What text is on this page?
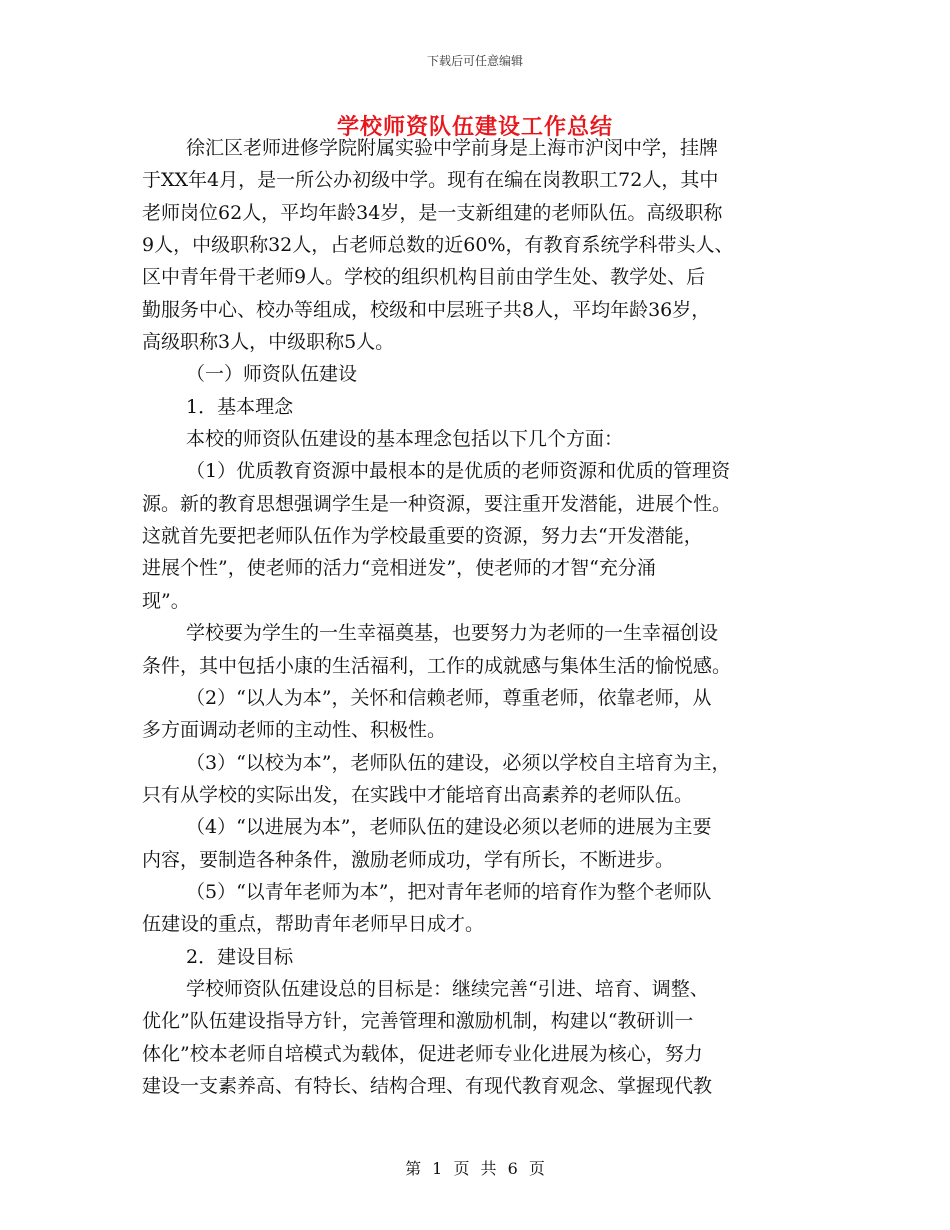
下载后可任意编辑
学校师资队伍建设工作总结
徐汇区老师进修学院附属实验中学前身是上海市沪闵中学，挂牌
于XX年4月，是一所公办初级中学。现有在编在岗教职工72人，其中
老师岗位62人，平均年龄34岁，是一支新组建的老师队伍。高级职称
9人，中级职称32人，占老师总数的近60%，有教育系统学科带头人、
区中青年骨干老师9人。学校的组织机构目前由学生处、教学处、后
勤服务中心、校办等组成，校级和中层班子共8人，平均年龄36岁，
高级职称3人，中级职称5人。
（一）师资队伍建设
1．基本理念
本校的师资队伍建设的基本理念包括以下几个方面：
（1）优质教育资源中最根本的是优质的老师资源和优质的管理资
源。新的教育思想强调学生是一种资源，要注重开发潜能，进展个性。
这就首先要把老师队伍作为学校最重要的资源，努力去“开发潜能，
进展个性”，使老师的活力“竞相迸发”，使老师的才智“充分涌
现”。
学校要为学生的一生幸福奠基，也要努力为老师的一生幸福创设
条件，其中包括小康的生活福利，工作的成就感与集体生活的愉悦感。
（2）“以人为本”，关怀和信赖老师，尊重老师，依靠老师，从
多方面调动老师的主动性、积极性。
（3）“以校为本”，老师队伍的建设，必须以学校自主培育为主，
只有从学校的实际出发，在实践中才能培育出高素养的老师队伍。
（4）“以进展为本”，老师队伍的建设必须以老师的进展为主要
内容，要制造各种条件，激励老师成功，学有所长，不断进步。
（5）“以青年老师为本”，把对青年老师的培育作为整个老师队
伍建设的重点，帮助青年老师早日成才。
2．建设目标
学校师资队伍建设总的目标是：继续完善“引进、培育、调整、
优化”队伍建设指导方针，完善管理和激励机制，构建以“教研训一
体化”校本老师自培模式为载体，促进老师专业化进展为核心，努力
建设一支素养高、有特长、结构合理、有现代教育观念、掌握现代教
第 1 页 共 6 页
